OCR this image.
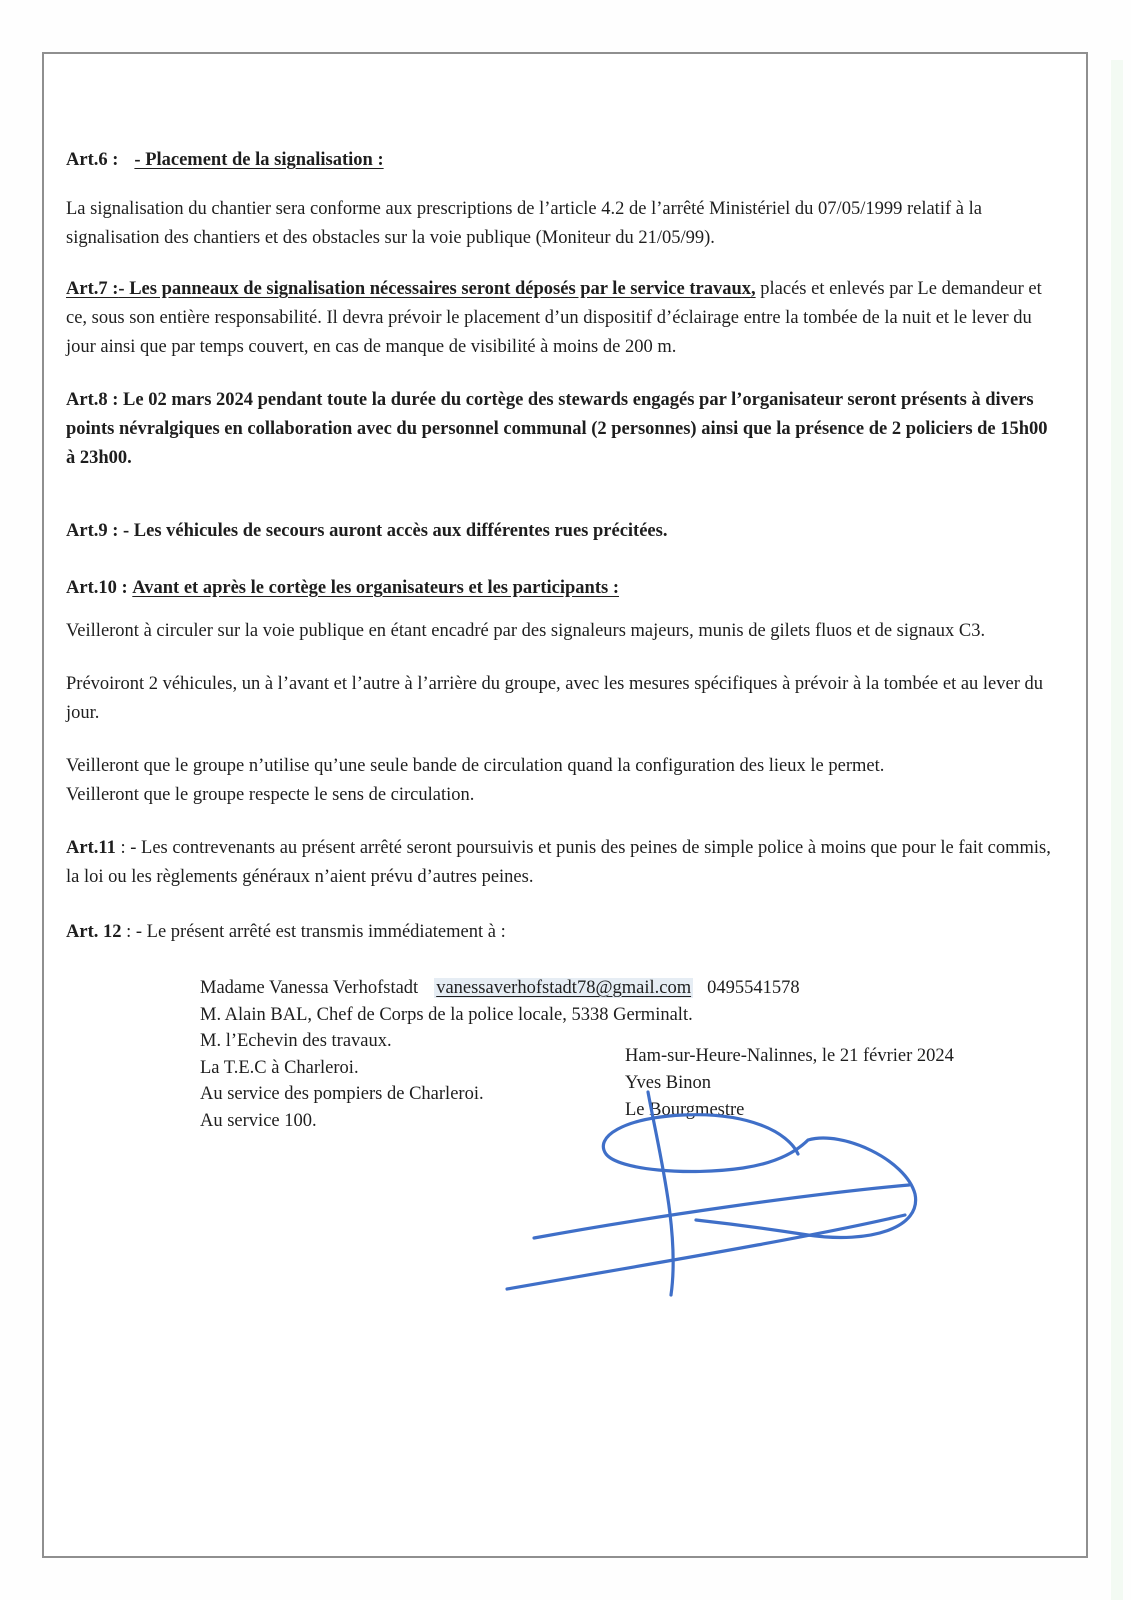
Art.6 : - Placement de la signalisation :

La signalisation du chantier sera conforme aux prescriptions de l’article 4.2 de l’arrêté Ministériel du 07/05/1999 relatif à la signalisation des chantiers et des obstacles sur la voie publique (Moniteur du 21/05/99).

Art.7 :- Les panneaux de signalisation nécessaires seront déposés par le service travaux, placés et enlevés par Le demandeur et ce, sous son entière responsabilité. Il devra prévoir le placement d’un dispositif d’éclairage entre la tombée de la nuit et le lever du jour ainsi que par temps couvert, en cas de manque de visibilité à moins de 200 m.

Art.8 : Le 02 mars 2024 pendant toute la durée du cortège des stewards engagés par l’organisateur seront présents à divers points névralgiques en collaboration avec du personnel communal (2 personnes) ainsi que la présence de 2 policiers de 15h00 à 23h00.

Art.9 : - Les véhicules de secours auront accès aux différentes rues précitées.

Art.10 : Avant et après le cortège les organisateurs et les participants :

Veilleront à circuler sur la voie publique en étant encadré par des signaleurs majeurs, munis de gilets fluos et de signaux C3.

Prévoiront 2 véhicules, un à l’avant et l’autre à l’arrière du groupe, avec les mesures spécifiques à prévoir à la tombée et au lever du jour.

Veilleront que le groupe n’utilise qu’une seule bande de circulation quand la configuration des lieux le permet.
Veilleront que le groupe respecte le sens de circulation.

Art.11 : - Les contrevenants au présent arrêté seront poursuivis et punis des peines de simple police à moins que pour le fait commis, la loi ou les règlements généraux n’aient prévu d’autres peines.

Art. 12 : - Le présent arrêté est transmis immédiatement à :

Madame Vanessa Verhofstadt vanessaverhofstadt78@gmail.com 0495541578
M. Alain BAL, Chef de Corps de la police locale, 5338 Germinalt.
M. l’Echevin des travaux.
La T.E.C à Charleroi.
Au service des pompiers de Charleroi.
Au service 100.
Ham-sur-Heure-Nalinnes, le 21 février 2024
Yves Binon
Le Bourgmestre
